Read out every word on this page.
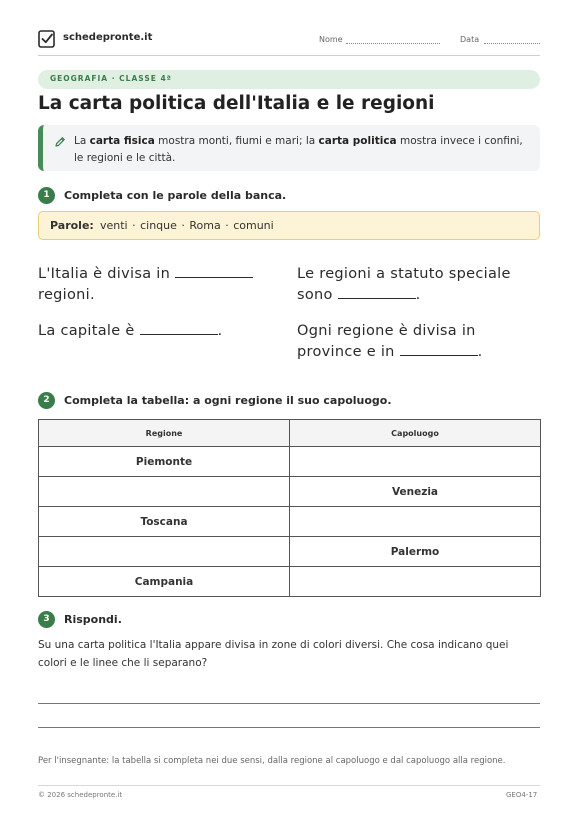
schedepronte.it	Nome	Data
GEOGRAFIA · CLASSE 4ª
La carta politica dell'Italia e le regioni
La carta fisica mostra monti, fiumi e mari; la carta politica mostra invece i confini, le regioni e le città.
1	Completa con le parole della banca.
Parole: venti · cinque · Roma · comuni
L'Italia è divisa in
regioni.
Le regioni a statuto speciale sono	.
La capitale è	.	Ogni regione è divisa in province e in	.
2	Completa la tabella: a ogni regione il suo capoluogo.
Regione	Capoluogo
Piemonte	
	Venezia
Toscana	
	Palermo
Campania	
3	Rispondi.
Su una carta politica l'Italia appare divisa in zone di colori diversi. Che cosa indicano quei colori e le linee che li separano?
Per l'insegnante: la tabella si completa nei due sensi, dalla regione al capoluogo e dal capoluogo alla regione.
© 2026 schedepronte.it	GEO4-17
